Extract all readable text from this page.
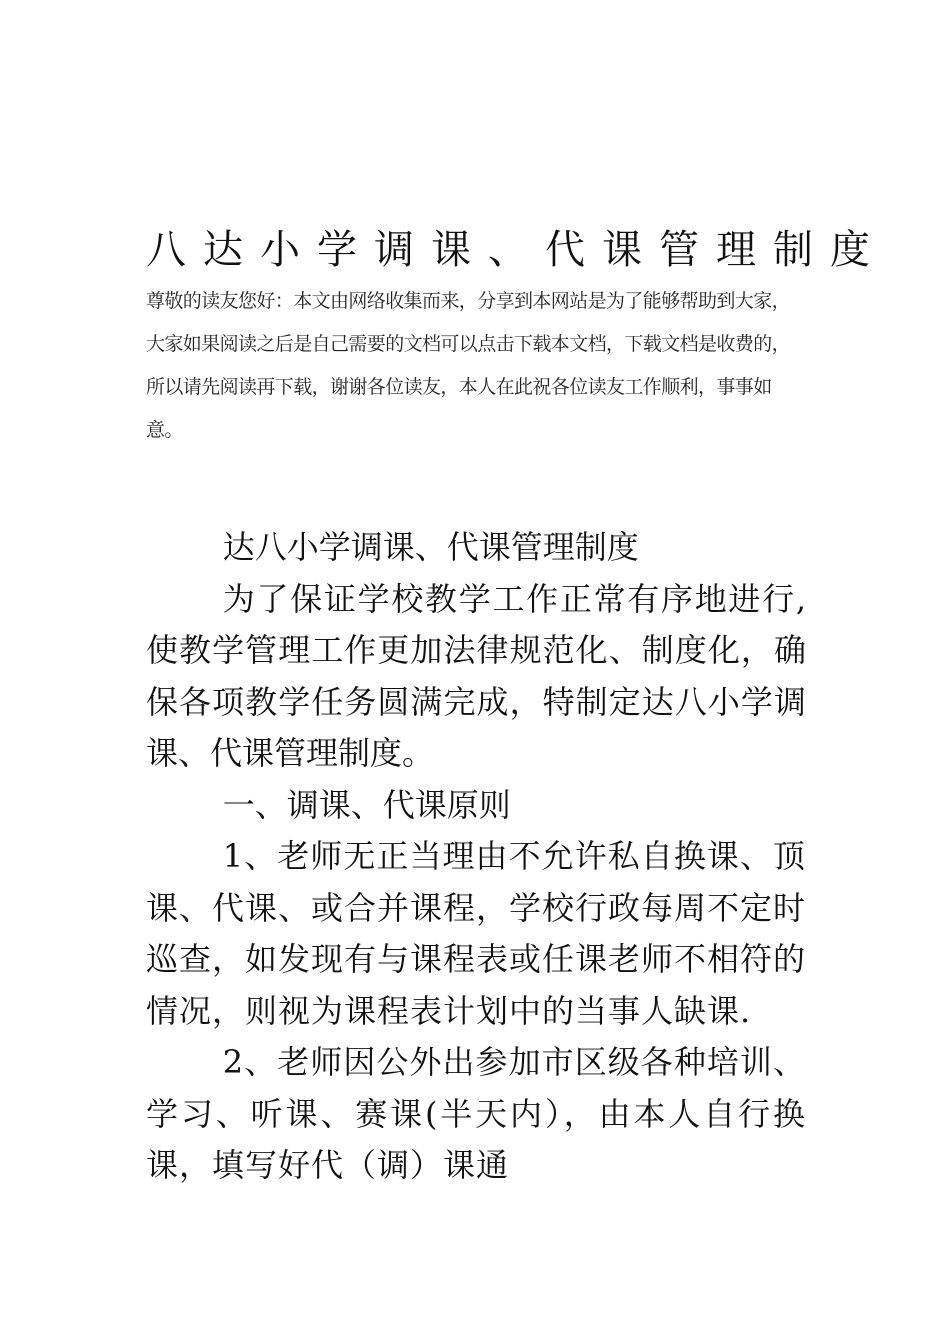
八达小学调课、代课管理制度

尊敬的读友您好：本文由网络收集而来，分享到本网站是为了能够帮助到大家，大家如果阅读之后是自己需要的文档可以点击下载本文档，下载文档是收费的，所以请先阅读再下载，谢谢各位读友，本人在此祝各位读友工作顺利，事事如意。

达八小学调课、代课管理制度

为了保证学校教学工作正常有序地进行,使教学管理工作更加法律规范化、制度化，确保各项教学任务圆满完成，特制定达八小学调课、代课管理制度。

一、调课、代课原则

1、老师无正当理由不允许私自换课、顶课、代课、或合并课程，学校行政每周不定时巡查，如发现有与课程表或任课老师不相符的情况，则视为课程表计划中的当事人缺课.

2、老师因公外出参加市区级各种培训、学习、听课、赛课(半天内），由本人自行换课，填写好代（调）课通
